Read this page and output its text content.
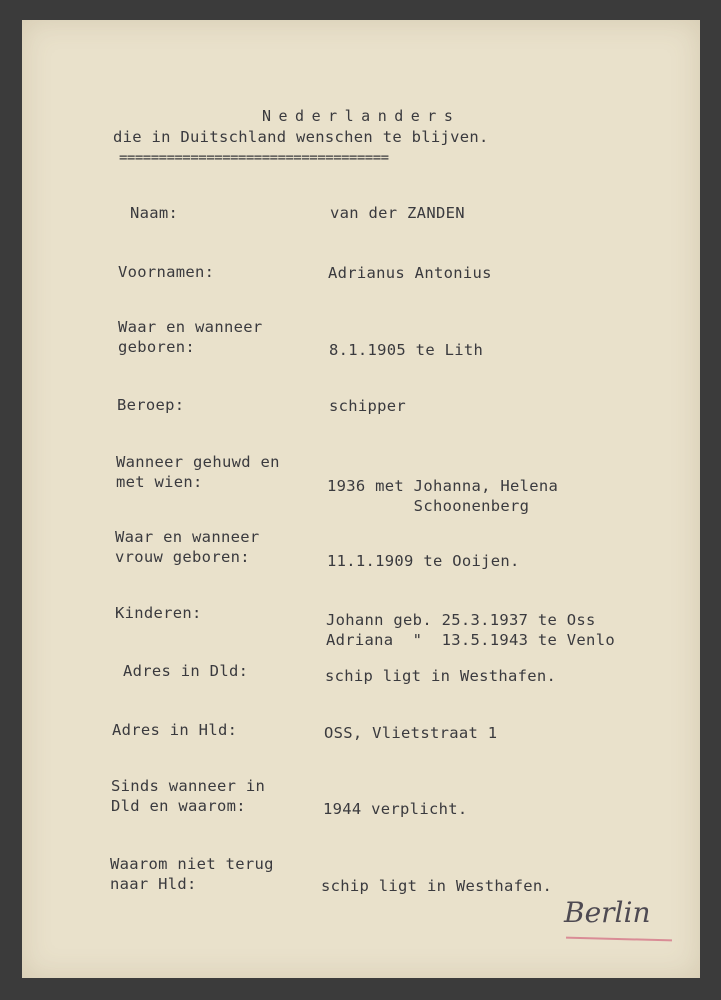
Nederlanders
die in Duitschland wenschen te blijven.
==================================
Naam:	van der ZANDEN
Voornamen:	Adrianus Antonius
Waar en wanneer
geboren:	8.1.1905 te Lith
Beroep:	schipper
Wanneer gehuwd en
met wien:	1936 met Johanna, Helena
Schoonenberg
Waar en wanneer
vrouw geboren:	11.1.1909 te Ooijen.
Kinderen:	Johann geb. 25.3.1937 te Oss
Adriana  "  13.5.1943 te Venlo
Adres in Dld:	schip ligt in Westhafen.
Adres in Hld:	OSS, Vlietstraat 1
Sinds wanneer in
Dld en waarom:	1944 verplicht.
Waarom niet terug
naar Hld:	schip ligt in Westhafen.
Berlin
